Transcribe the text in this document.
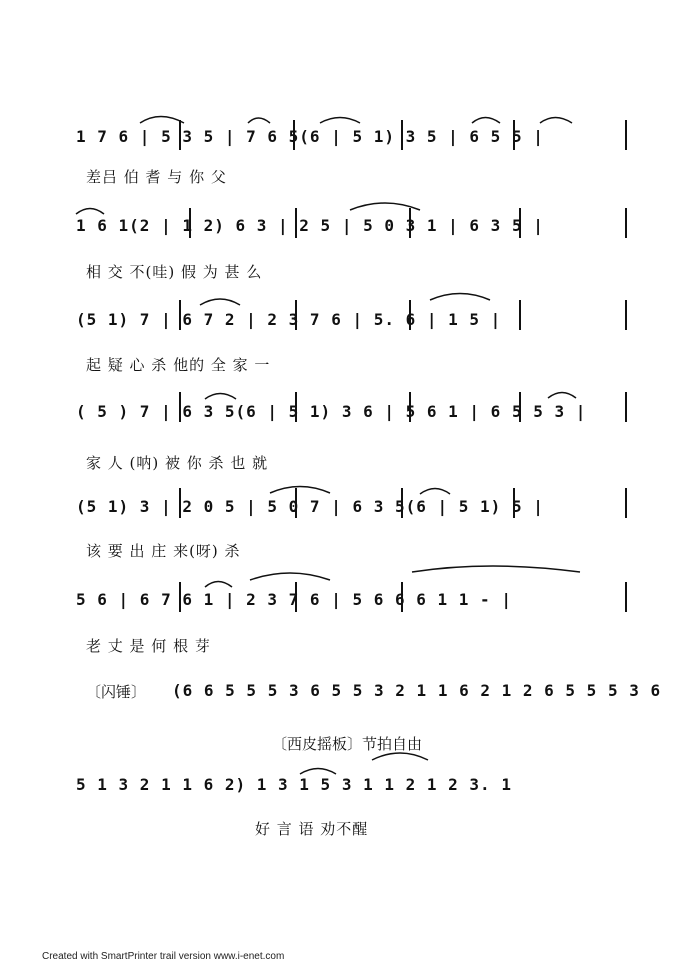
1 7 6 | 5 3 5 | 7 6 5(6 | 5 1) 3 5 | 6 5 5 |
差吕 伯 耆 与 你 父
1 6 1(2 | 1 2) 6 3 | 2 5 | 5 0 3 1 | 6 3 5 |
相 交 不(哇) 假 为 甚 么
(5 1) 7 | 6 7 2 | 2 3 7 6 | 5. 6 | 1 5 |
起 疑 心 杀 他的 全 家 一
( 5 ) 7 | 6 3 5(6 | 5 1) 3 6 | 5 6 1 | 6 5 5 3 |
家 人 (呐) 被 你 杀 也 就
(5 1) 3 | 2 0 5 | 5 0 7 | 6 3 5(6 | 5 1) 5 |
该 要 出 庄 来(呀) 杀
5 6 | 6 7 6 1 | 2 3 7 6 | 5 6 6 6 1 1 - |
老 丈 是 何 根 芽
〔闪锤〕 (6 6 5 5 5 3 6 5 5 3 2 1 1 6 2 1 2 6 5 5 5 3 6
〔西皮摇板〕节拍自由
5 1 3 2 1 1 6 2) 1 3 1 5 3 1 1 2 1 2 3. 1
好 言 语 劝不醒
Created with SmartPrinter trail version www.i-enet.com
